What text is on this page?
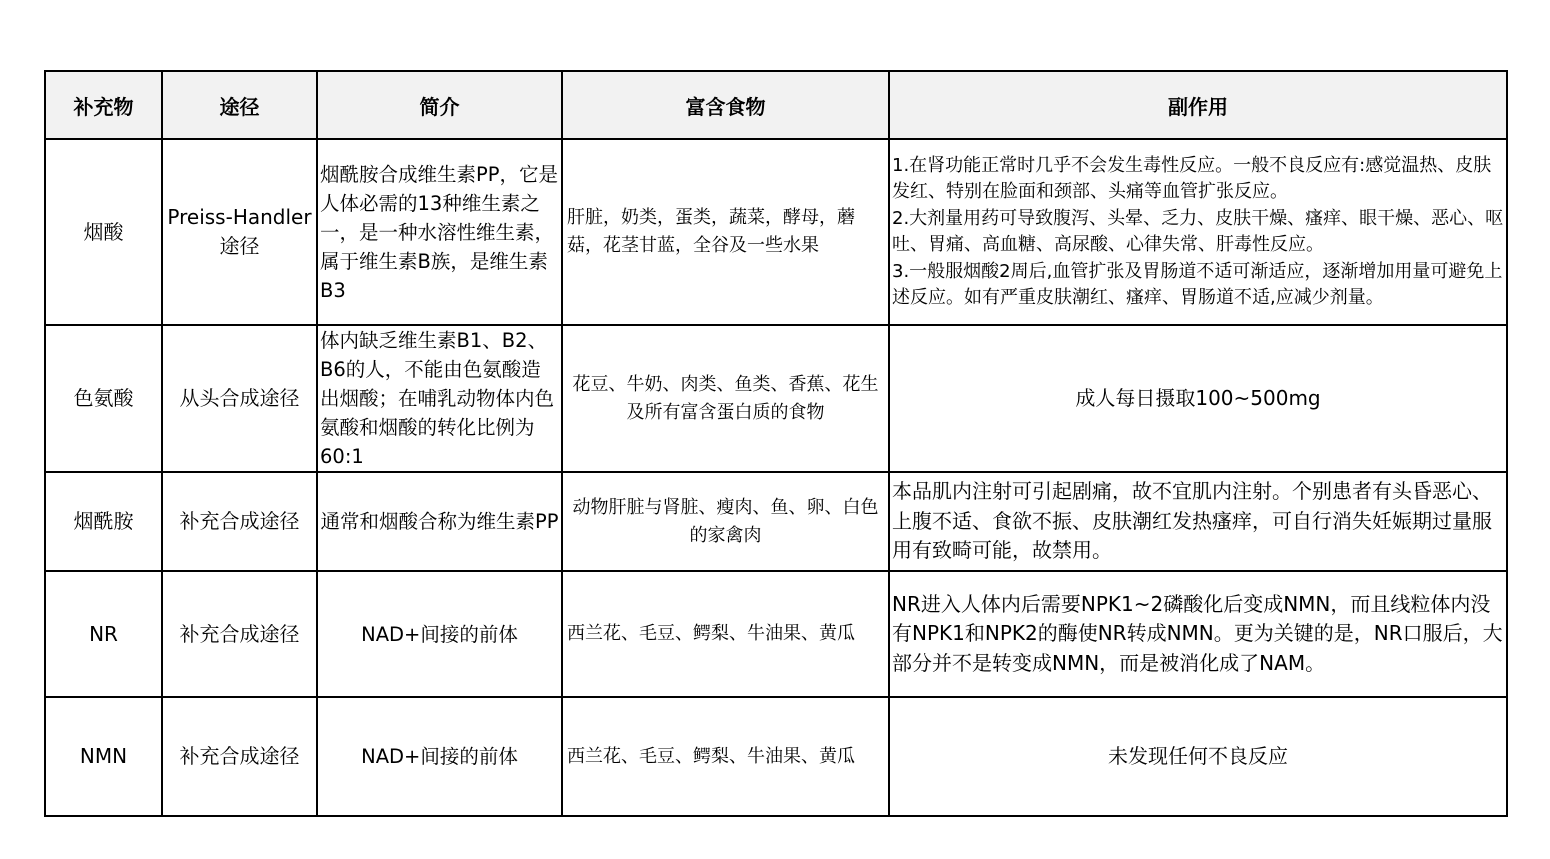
补充物	途径	简介	富含食物	副作用
烟酸	Preiss-Handler途径	烟酰胺合成维生素PP，它是人体必需的13种维生素之一，是一种水溶性维生素，属于维生素B族，是维生素B3	肝脏，奶类，蛋类，蔬菜，酵母，蘑菇，花茎甘蓝，全谷及一些水果	1.在肾功能正常时几乎不会发生毒性反应。一般不良反应有:感觉温热、皮肤发红、特别在脸面和颈部、头痛等血管扩张反应。
2.大剂量用药可导致腹泻、头晕、乏力、皮肤干燥、瘙痒、眼干燥、恶心、呕吐、胃痛、高血糖、高尿酸、心律失常、肝毒性反应。
3.一般服烟酸2周后,血管扩张及胃肠道不适可渐适应，逐渐增加用量可避免上述反应。如有严重皮肤潮红、瘙痒、胃肠道不适,应减少剂量。

色氨酸	从头合成途径	体内缺乏维生素B1、B2、B6的人，不能由色氨酸造出烟酸；在哺乳动物体内色氨酸和烟酸的转化比例为60:1	花豆、牛奶、肉类、鱼类、香蕉、花生及所有富含蛋白质的食物	成人每日摄取100~500mg
烟酰胺	补充合成途径	通常和烟酸合称为维生素PP	动物肝脏与肾脏、瘦肉、鱼、卵、白色的家禽肉	本品肌内注射可引起剧痛，故不宜肌内注射。个别患者有头昏恶心、上腹不适、食欲不振、皮肤潮红发热瘙痒，可自行消失妊娠期过量服用有致畸可能，故禁用。
NR	补充合成途径	NAD+间接的前体	西兰花、毛豆、鳄梨、牛油果、黄瓜	NR进入人体内后需要NPK1~2磷酸化后变成NMN，而且线粒体内没有NPK1和NPK2的酶使NR转成NMN。更为关键的是，NR口服后，大部分并不是转变成NMN，而是被消化成了NAM。
NMN	补充合成途径	NAD+间接的前体	西兰花、毛豆、鳄梨、牛油果、黄瓜	未发现任何不良反应
